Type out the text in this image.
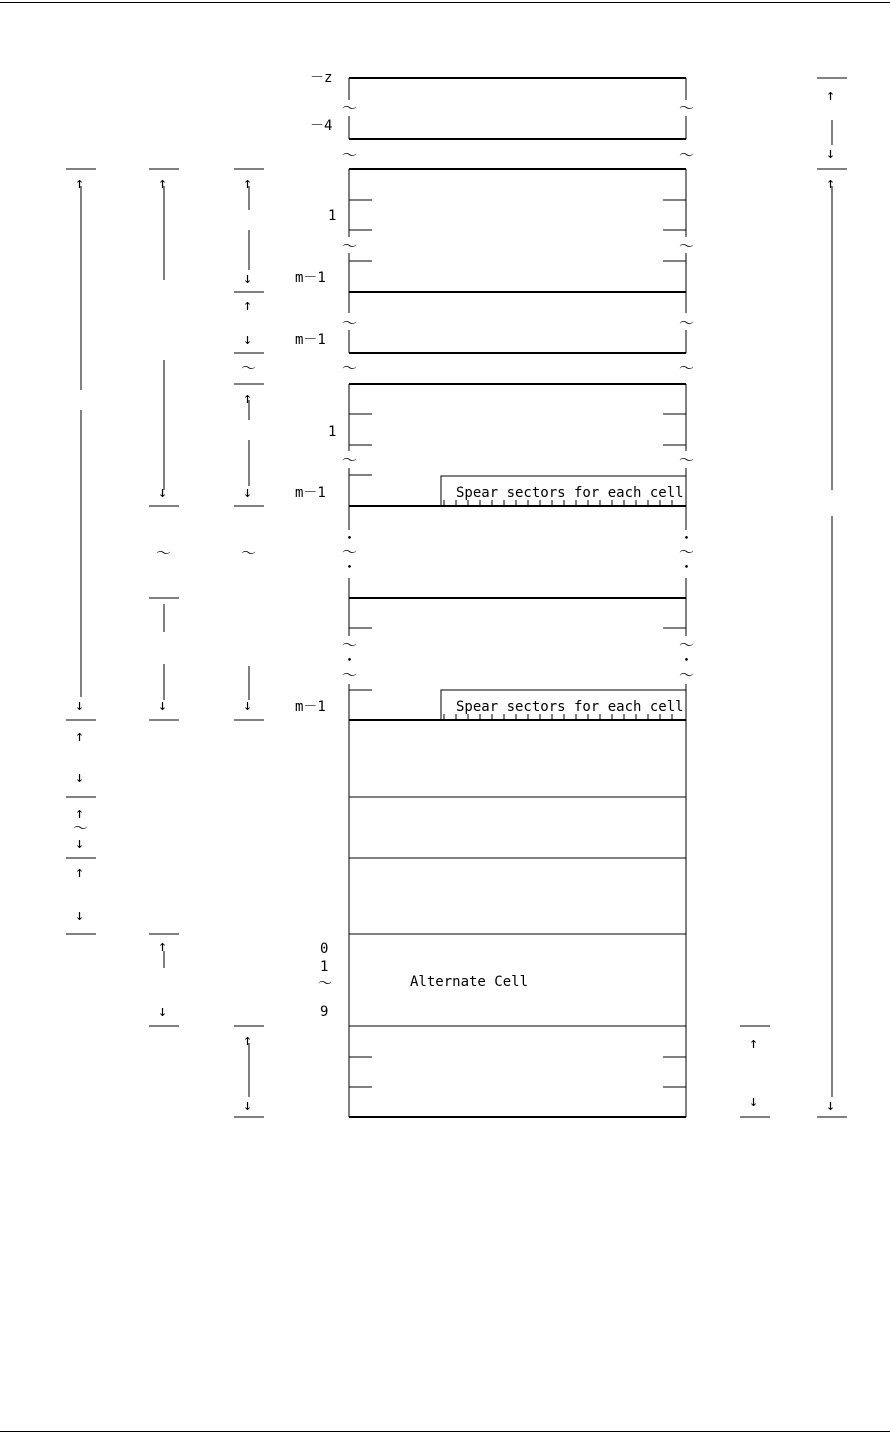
～	～
～	～
～	～
～	～
～	～
～	～
・	・
～	～
・	・
～	～
・	・
～	～
－z
－4
1
m－1
m－1
1
m－1
m－1
0
1
～
9
Spear sectors for each cell
Spear sectors for each cell
Alternate Cell
↑
↓
↑
↓
↑
～
↓
↑
↓
↑
↓
～
↓
↑
↓
↑
↓
↑
↓
～
↑
↓
～
↓
↑
↓
↑
↓
↑
↓
↑
↓
